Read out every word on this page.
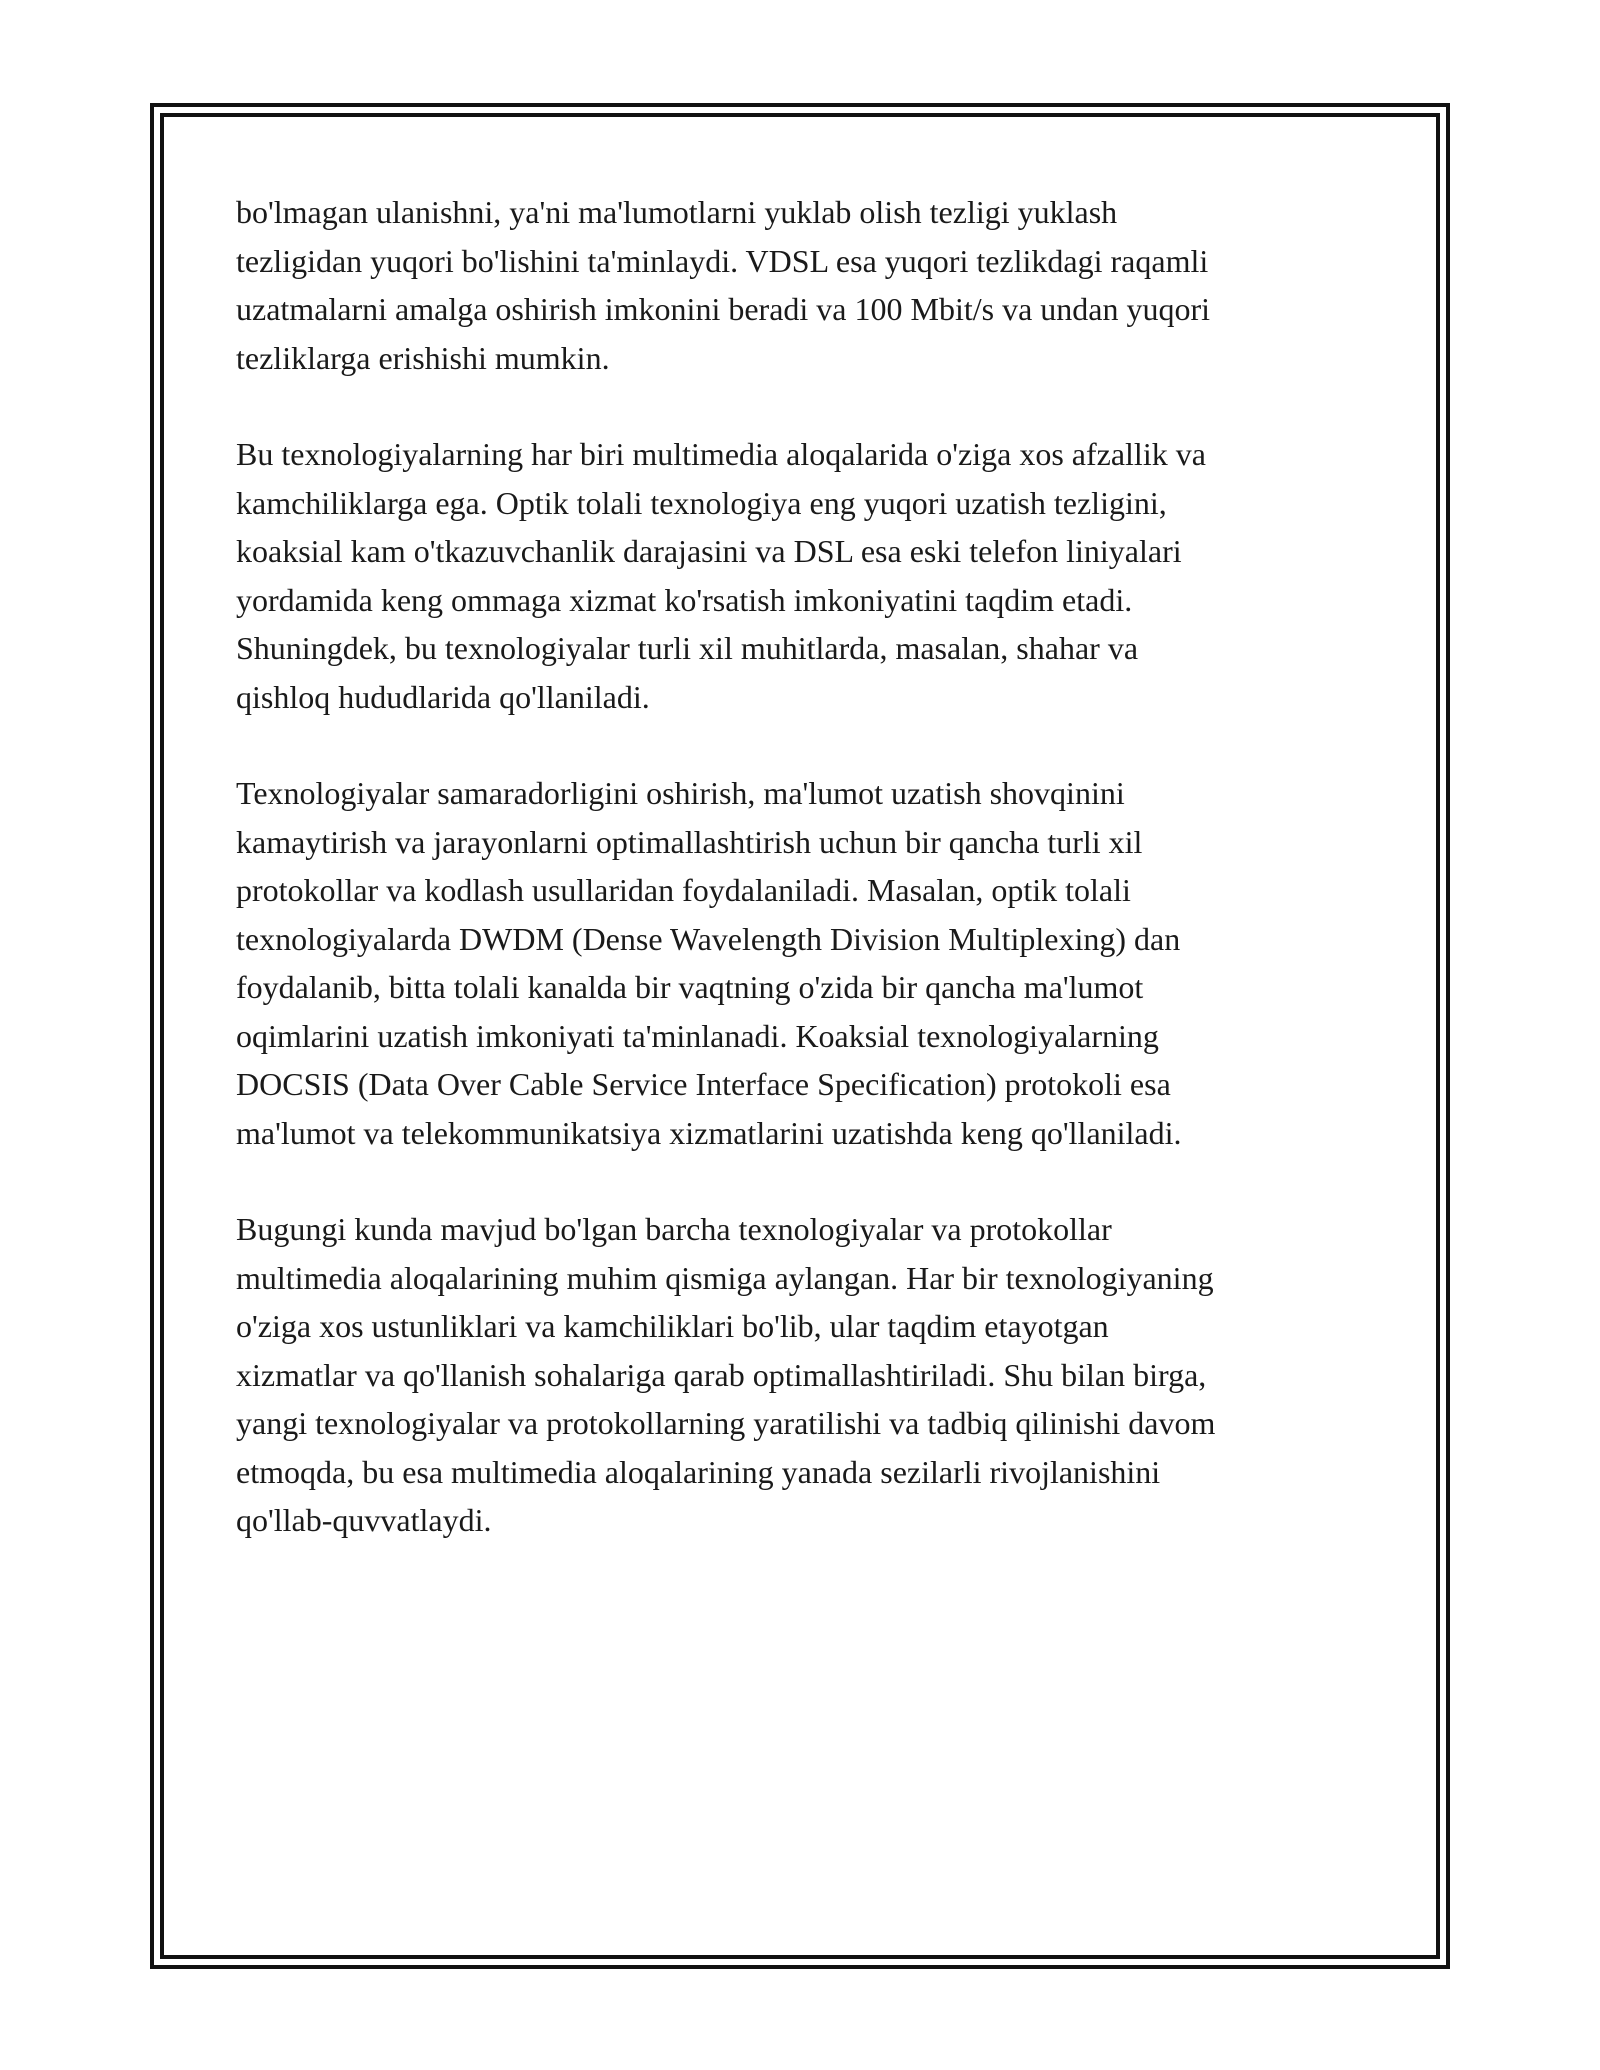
bo'lmagan ulanishni, ya'ni ma'lumotlarni yuklab olish tezligi yuklash
tezligidan yuqori bo'lishini ta'minlaydi. VDSL esa yuqori tezlikdagi raqamli
uzatmalarni amalga oshirish imkonini beradi va 100 Mbit/s va undan yuqori
tezliklarga erishishi mumkin.

Bu texnologiyalarning har biri multimedia aloqalarida o'ziga xos afzallik va
kamchiliklarga ega. Optik tolali texnologiya eng yuqori uzatish tezligini,
koaksial kam o'tkazuvchanlik darajasini va DSL esa eski telefon liniyalari
yordamida keng ommaga xizmat ko'rsatish imkoniyatini taqdim etadi.
Shuningdek, bu texnologiyalar turli xil muhitlarda, masalan, shahar va
qishloq hududlarida qo'llaniladi.

Texnologiyalar samaradorligini oshirish, ma'lumot uzatish shovqinini
kamaytirish va jarayonlarni optimallashtirish uchun bir qancha turli xil
protokollar va kodlash usullaridan foydalaniladi. Masalan, optik tolali
texnologiyalarda DWDM (Dense Wavelength Division Multiplexing) dan
foydalanib, bitta tolali kanalda bir vaqtning o'zida bir qancha ma'lumot
oqimlarini uzatish imkoniyati ta'minlanadi. Koaksial texnologiyalarning
DOCSIS (Data Over Cable Service Interface Specification) protokoli esa
ma'lumot va telekommunikatsiya xizmatlarini uzatishda keng qo'llaniladi.

Bugungi kunda mavjud bo'lgan barcha texnologiyalar va protokollar
multimedia aloqalarining muhim qismiga aylangan. Har bir texnologiyaning
o'ziga xos ustunliklari va kamchiliklari bo'lib, ular taqdim etayotgan
xizmatlar va qo'llanish sohalariga qarab optimallashtiriladi. Shu bilan birga,
yangi texnologiyalar va protokollarning yaratilishi va tadbiq qilinishi davom
etmoqda, bu esa multimedia aloqalarining yanada sezilarli rivojlanishini
qo'llab-quvvatlaydi.
